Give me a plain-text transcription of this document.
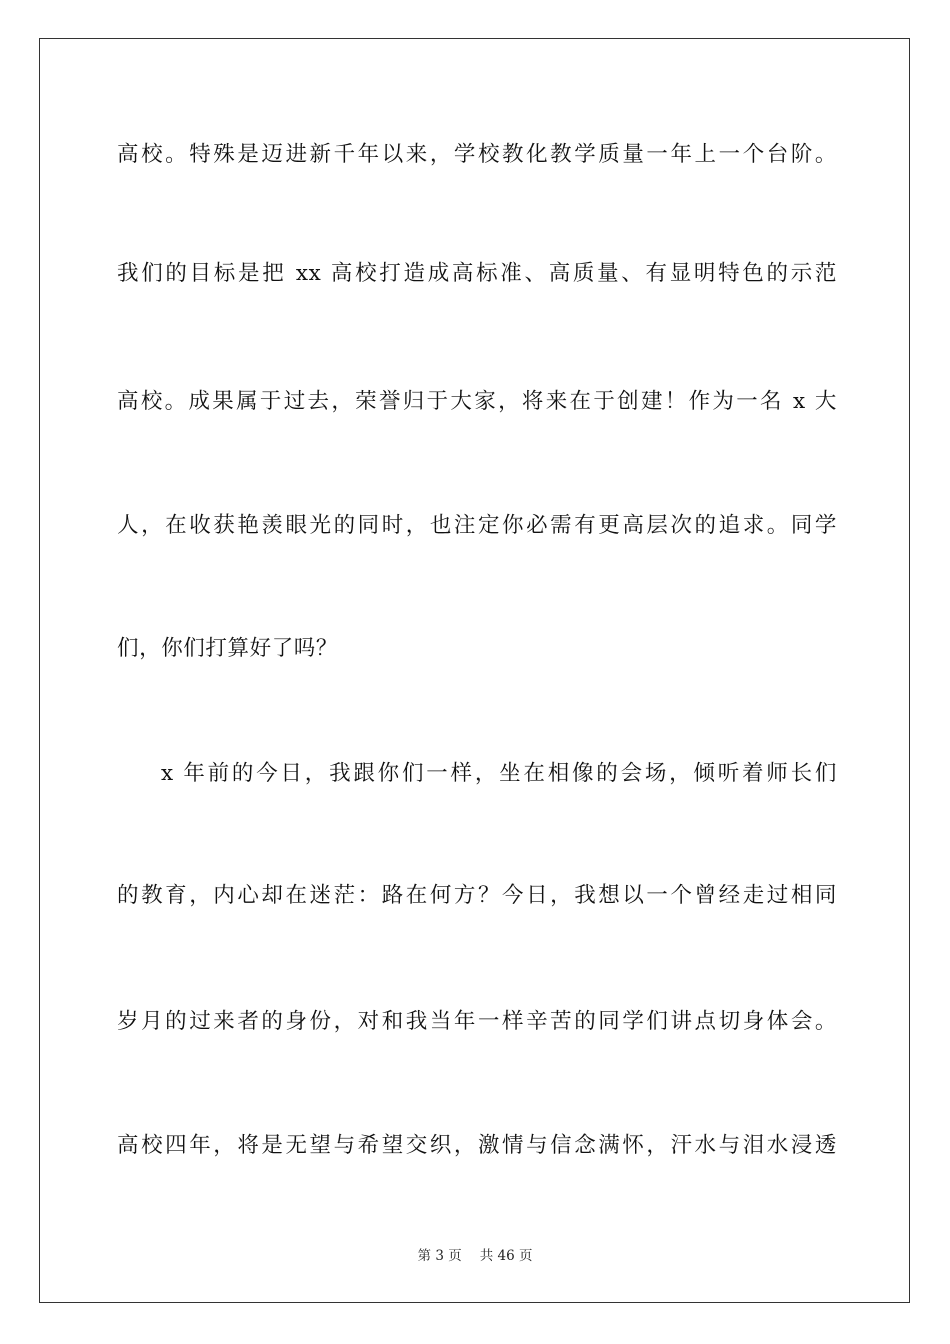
高校。特殊是迈进新千年以来，学校教化教学质量一年上一个台阶。
我们的目标是把 xx 高校打造成高标准、高质量、有显明特色的示范
高校。成果属于过去，荣誉归于大家，将来在于创建！作为一名 x 大
人，在收获艳羡眼光的同时，也注定你必需有更高层次的追求。同学
们，你们打算好了吗？
x 年前的今日，我跟你们一样，坐在相像的会场，倾听着师长们
的教育，内心却在迷茫：路在何方？今日，我想以一个曾经走过相同
岁月的过来者的身份，对和我当年一样辛苦的同学们讲点切身体会。
高校四年，将是无望与希望交织，激情与信念满怀，汗水与泪水浸透
第 3 页 共 46 页
